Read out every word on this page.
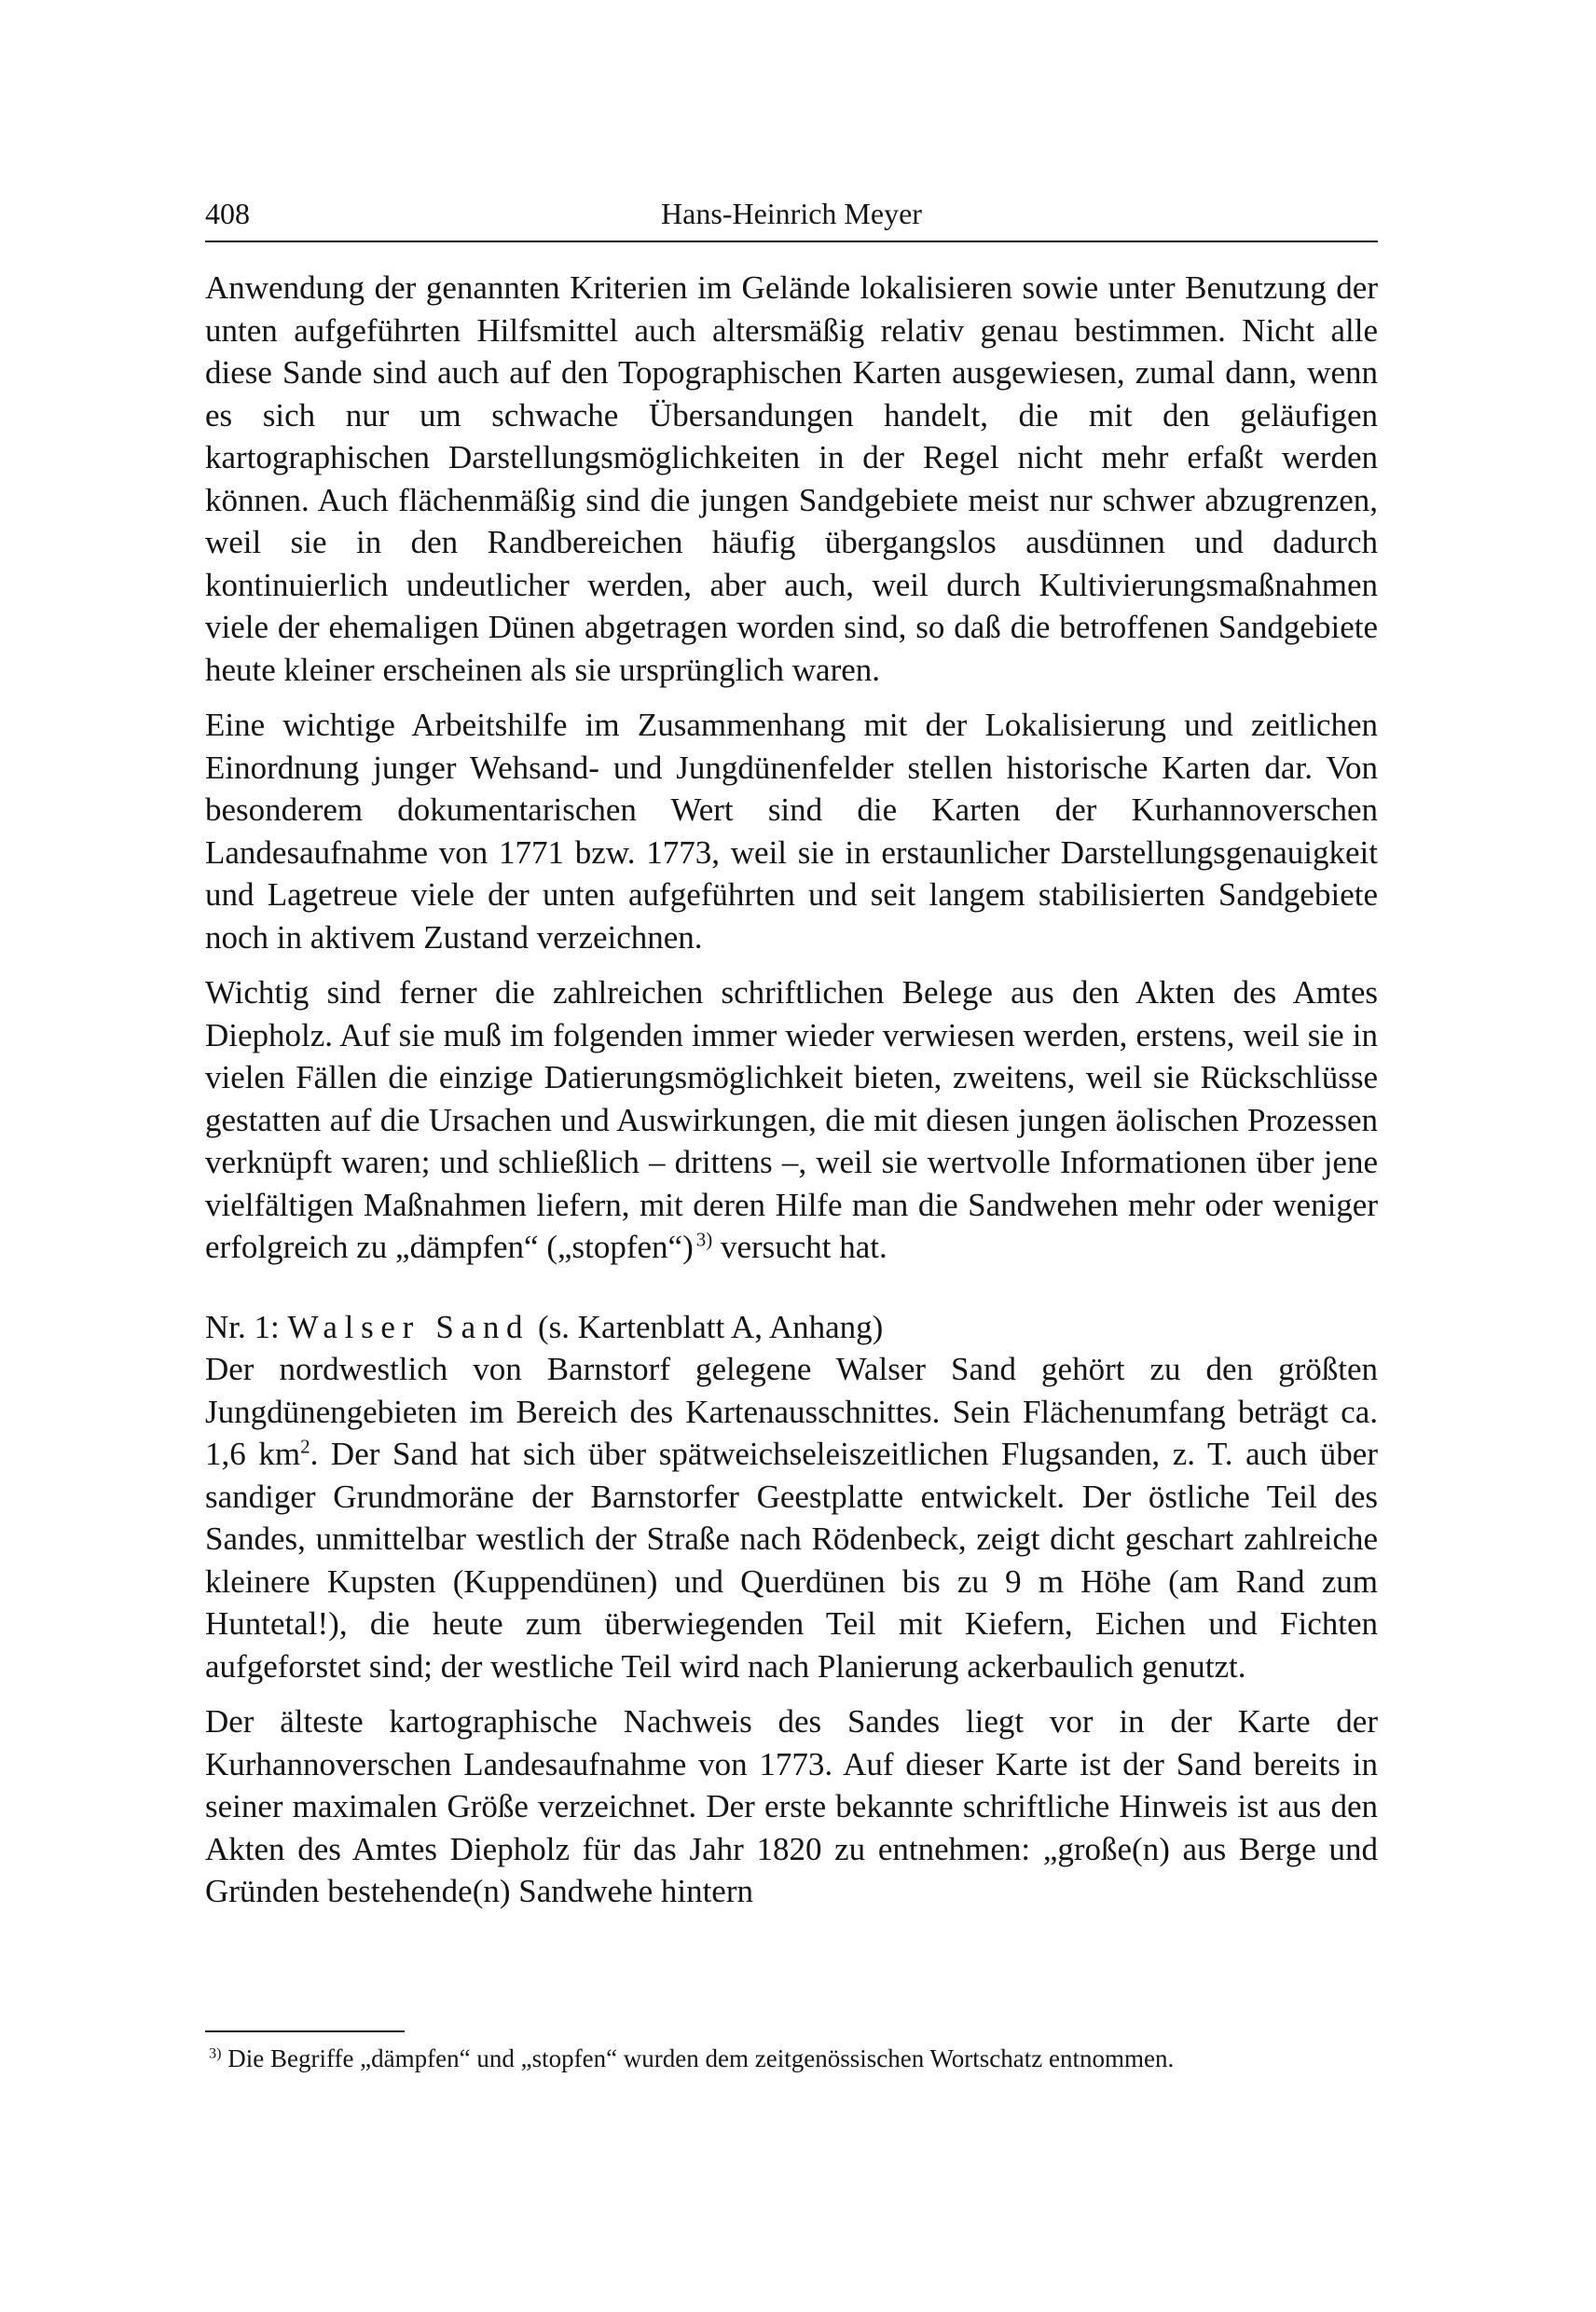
408	Hans-Heinrich Meyer

Anwendung der genannten Kriterien im Gelände lokalisieren sowie unter Benutzung der unten aufgeführten Hilfsmittel auch altersmäßig relativ genau bestimmen. Nicht alle diese Sande sind auch auf den Topographischen Karten ausgewiesen, zumal dann, wenn es sich nur um schwache Übersandungen handelt, die mit den geläufigen kartographischen Darstellungsmöglichkeiten in der Regel nicht mehr erfaßt werden können. Auch flächenmäßig sind die jungen Sandgebiete meist nur schwer abzugrenzen, weil sie in den Randbereichen häufig übergangslos ausdünnen und dadurch kontinuierlich undeutlicher werden, aber auch, weil durch Kultivierungsmaßnahmen viele der ehemaligen Dünen abgetragen worden sind, so daß die betroffenen Sandgebiete heute kleiner erscheinen als sie ursprünglich waren.

Eine wichtige Arbeitshilfe im Zusammenhang mit der Lokalisierung und zeitlichen Einordnung junger Wehsand- und Jungdünenfelder stellen historische Karten dar. Von besonderem dokumentarischen Wert sind die Karten der Kurhannoverschen Landesaufnahme von 1771 bzw. 1773, weil sie in erstaunlicher Darstellungsgenauigkeit und Lagetreue viele der unten aufgeführten und seit langem stabilisierten Sandgebiete noch in aktivem Zustand verzeichnen.

Wichtig sind ferner die zahlreichen schriftlichen Belege aus den Akten des Amtes Diepholz. Auf sie muß im folgenden immer wieder verwiesen werden, erstens, weil sie in vielen Fällen die einzige Datierungsmöglichkeit bieten, zweitens, weil sie Rückschlüsse gestatten auf die Ursachen und Auswirkungen, die mit diesen jungen äolischen Prozessen verknüpft waren; und schließlich – drittens –, weil sie wertvolle Informationen über jene vielfältigen Maßnahmen liefern, mit deren Hilfe man die Sandwehen mehr oder weniger erfolgreich zu „dämpfen“ („stopfen“)  $^{3)}$ versucht hat.

Nr. 1: Walser Sand (s. Kartenblatt A, Anhang)

Der nordwestlich von Barnstorf gelegene Walser Sand gehört zu den größten Jungdünengebieten im Bereich des Kartenausschnittes. Sein Flächenumfang beträgt ca. 1,6 $km^2$. Der Sand hat sich über spätweichseleiszeitlichen Flugsanden, z. T. auch über sandiger Grundmoräne der Barnstorfer Geestplatte entwickelt. Der östliche Teil des Sandes, unmittelbar westlich der Straße nach Rödenbeck, zeigt dicht geschart zahlreiche kleinere Kupsten (Kuppendünen) und Querdünen bis zu 9 m Höhe (am Rand zum Huntetal!), die heute zum überwiegenden Teil mit Kiefern, Eichen und Fichten aufgeforstet sind; der westliche Teil wird nach Planierung ackerbaulich genutzt.

Der älteste kartographische Nachweis des Sandes liegt vor in der Karte der Kurhannoverschen Landesaufnahme von 1773. Auf dieser Karte ist der Sand bereits in seiner maximalen Größe verzeichnet. Der erste bekannte schriftliche Hinweis ist aus den Akten des Amtes Diepholz für das Jahr 1820 zu entnehmen: „große(n) aus Berge und Gründen bestehende(n) Sandwehe hintern

$^{3)}$ Die Begriffe „dämpfen“ und „stopfen“ wurden dem zeitgenössischen Wortschatz entnommen.
